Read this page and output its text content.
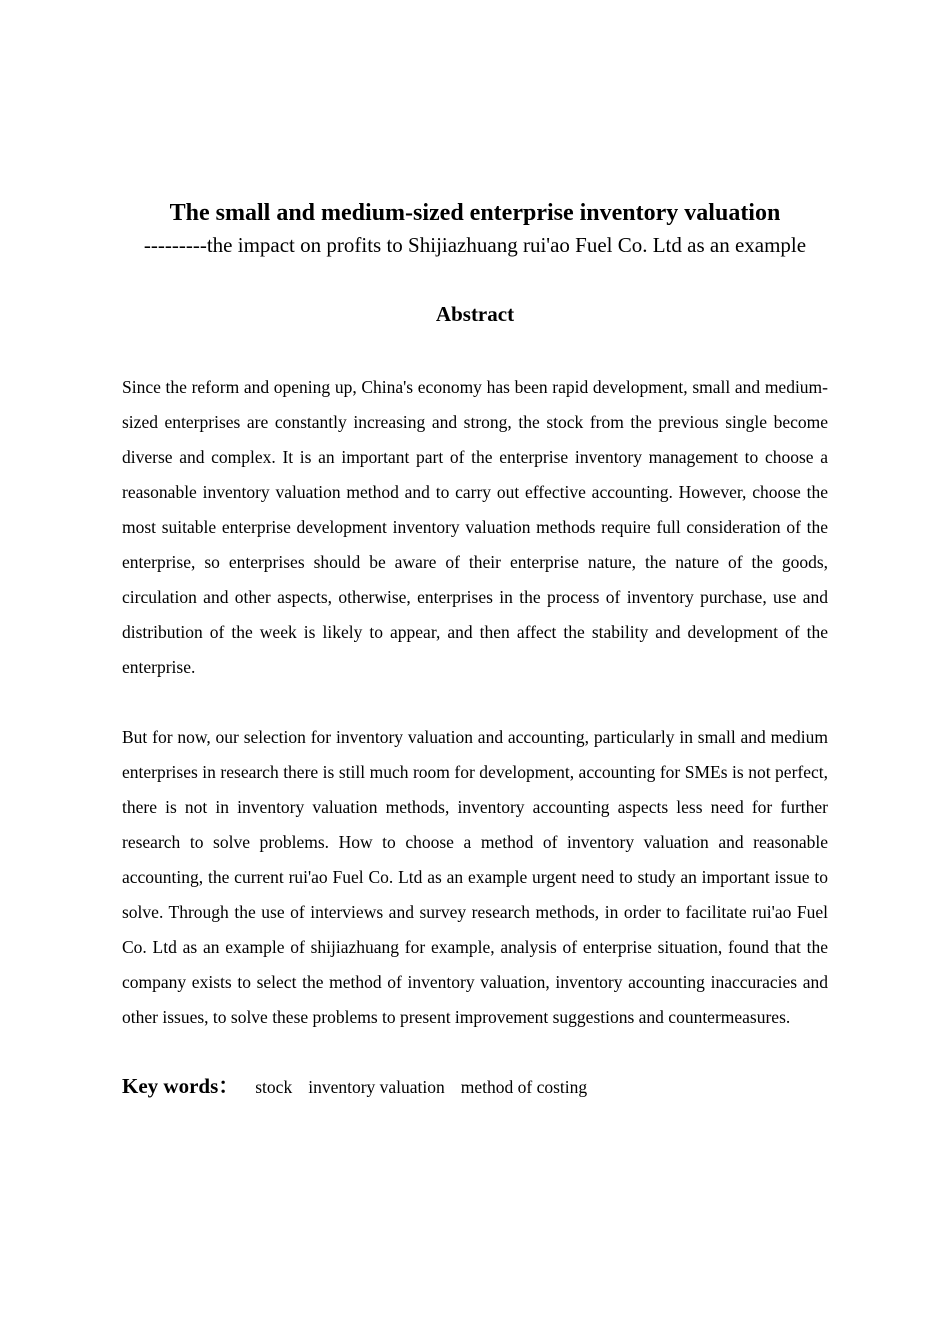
The small and medium-sized enterprise inventory valuation

---------the impact on profits to Shijiazhuang rui'ao Fuel Co. Ltd as an example

Abstract

Since the reform and opening up, China's economy has been rapid development, small and medium-sized enterprises are constantly increasing and strong, the stock from the previous single become diverse and complex. It is an important part of the enterprise inventory management to choose a reasonable inventory valuation method and to carry out effective accounting. However, choose the most suitable enterprise development inventory valuation methods require full consideration of the enterprise, so enterprises should be aware of their enterprise nature, the nature of the goods, circulation and other aspects, otherwise, enterprises in the process of inventory purchase, use and distribution of the week is likely to appear, and then affect the stability and development of the enterprise.

But for now, our selection for inventory valuation and accounting, particularly in small and medium enterprises in research there is still much room for development, accounting for SMEs is not perfect, there is not in inventory valuation methods, inventory accounting aspects less need for further research to solve problems. How to choose a method of inventory valuation and reasonable accounting, the current rui'ao Fuel Co. Ltd as an example urgent need to study an important issue to solve. Through the use of interviews and survey research methods, in order to facilitate rui'ao Fuel Co. Ltd as an example of shijiazhuang for example, analysis of enterprise situation, found that the company exists to select the method of inventory valuation, inventory accounting inaccuracies and other issues, to solve these problems to present improvement suggestions and countermeasures.

Key words： stock inventory valuation method of costing
